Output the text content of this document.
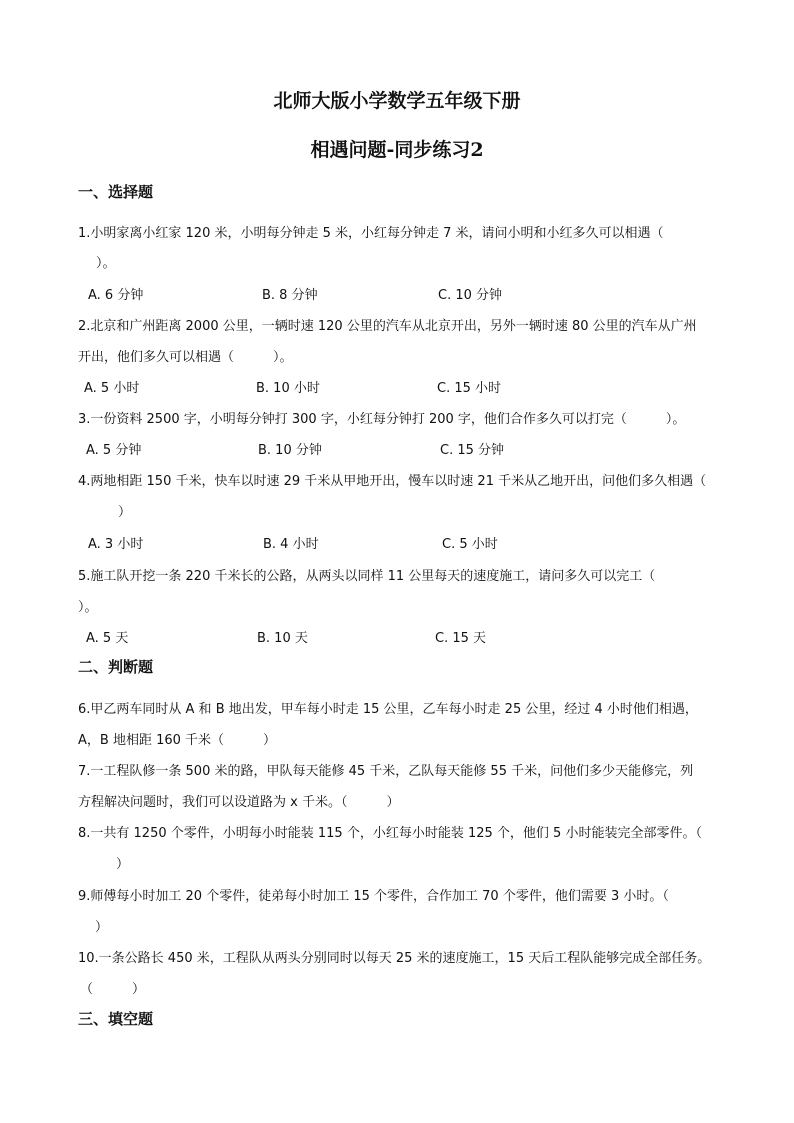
北师大版小学数学五年级下册
相遇问题-同步练习2
一、选择题
1.小明家离小红家 120 米，小明每分钟走 5 米，小红每分钟走 7 米，请问小明和小红多久可以相遇（
）。
A. 6 分钟	B. 8 分钟	C. 10 分钟
2.北京和广州距离 2000 公里，一辆时速 120 公里的汽车从北京开出，另外一辆时速 80 公里的汽车从广州
开出，他们多久可以相遇（　　　）。
A. 5 小时	B. 10 小时	C. 15 小时
3.一份资料 2500 字，小明每分钟打 300 字，小红每分钟打 200 字，他们合作多久可以打完（　　　）。
A. 5 分钟	B. 10 分钟	C. 15 分钟
4.两地相距 150 千米，快车以时速 29 千米从甲地开出，慢车以时速 21 千米从乙地开出，问他们多久相遇（
）
A. 3 小时	B. 4 小时	C. 5 小时
5.施工队开挖一条 220 千米长的公路，从两头以同样 11 公里每天的速度施工，请问多久可以完工（
）。
A. 5 天	B. 10 天	C. 15 天
二、判断题
6.甲乙两车同时从 A 和 B 地出发，甲车每小时走 15 公里，乙车每小时走 25 公里，经过 4 小时他们相遇，
A，B 地相距 160 千米（　　　）
7.一工程队修一条 500 米的路，甲队每天能修 45 千米，乙队每天能修 55 千米，问他们多少天能修完，列
方程解决问题时，我们可以设道路为 x 千米。（　　　）
8.一共有 1250 个零件，小明每小时能装 115 个，小红每小时能装 125 个，他们 5 小时能装完全部零件。（
）
9.师傅每小时加工 20 个零件，徒弟每小时加工 15 个零件，合作加工 70 个零件，他们需要 3 小时。（
）
10.一条公路长 450 米，工程队从两头分别同时以每天 25 米的速度施工，15 天后工程队能够完成全部任务。
（　　　）
三、填空题
